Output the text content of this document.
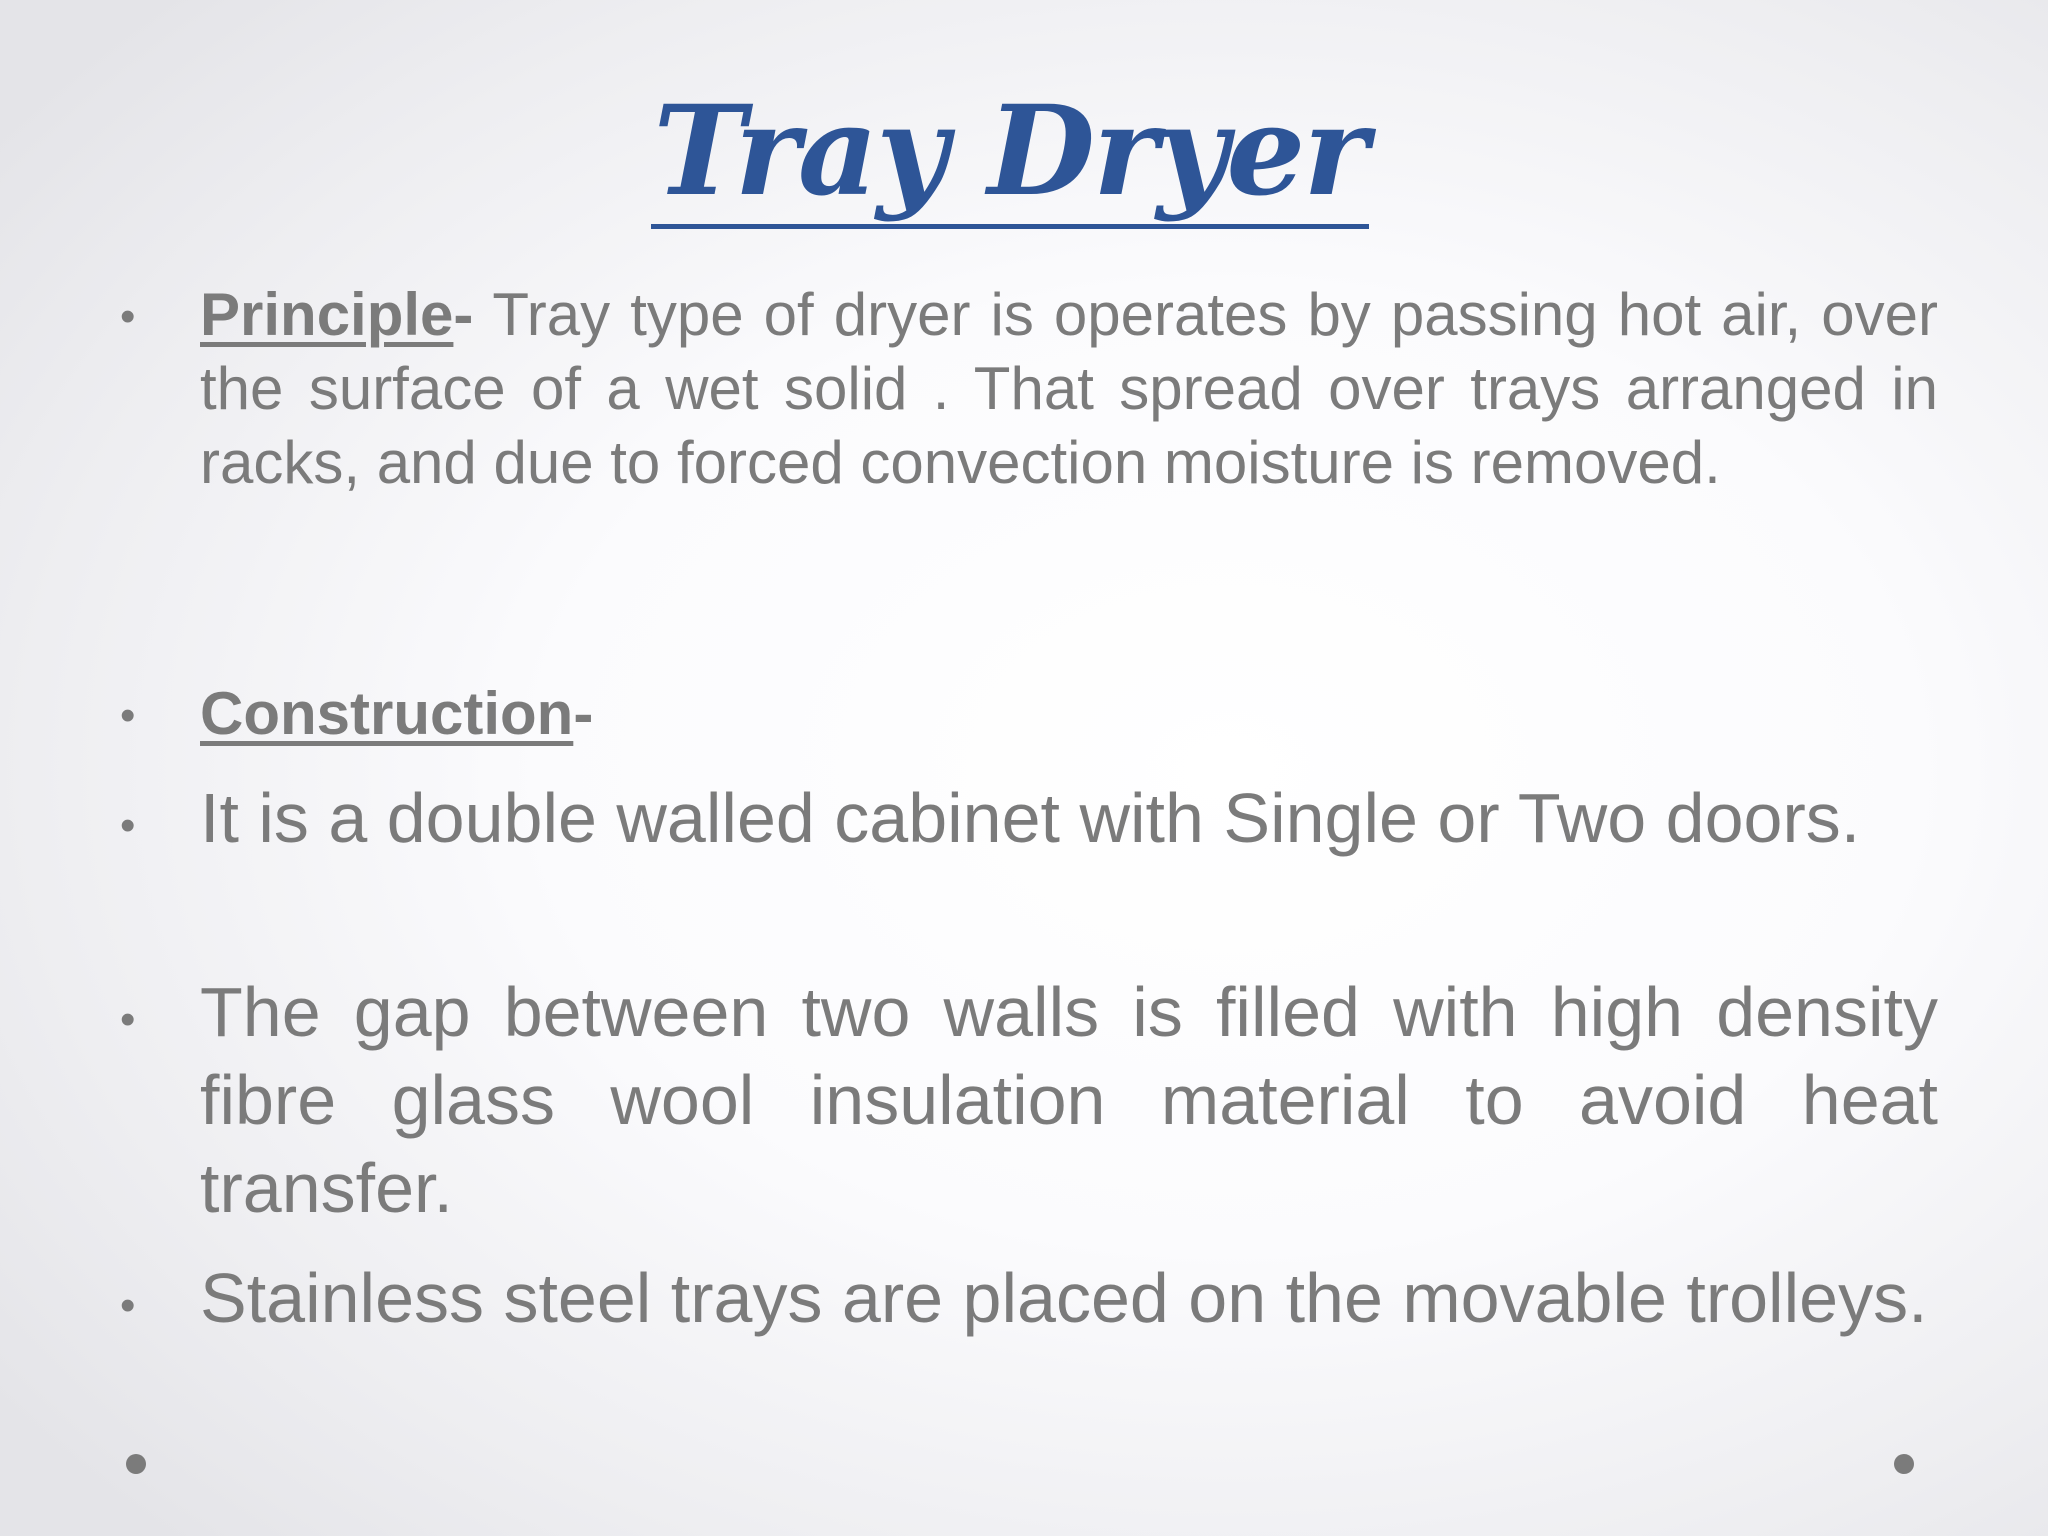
Tray Dryer
•	Principle- Tray type of dryer is operates by passing hot air, over the surface of a wet solid . That spread over trays arranged in racks, and due to forced convection moisture is removed.
•	Construction-
• It is a double walled cabinet with Single or Two doors.
• The gap between two walls is filled with high density fibre glass wool insulation material to avoid heat transfer.
• Stainless steel trays are placed on the movable trolleys.
